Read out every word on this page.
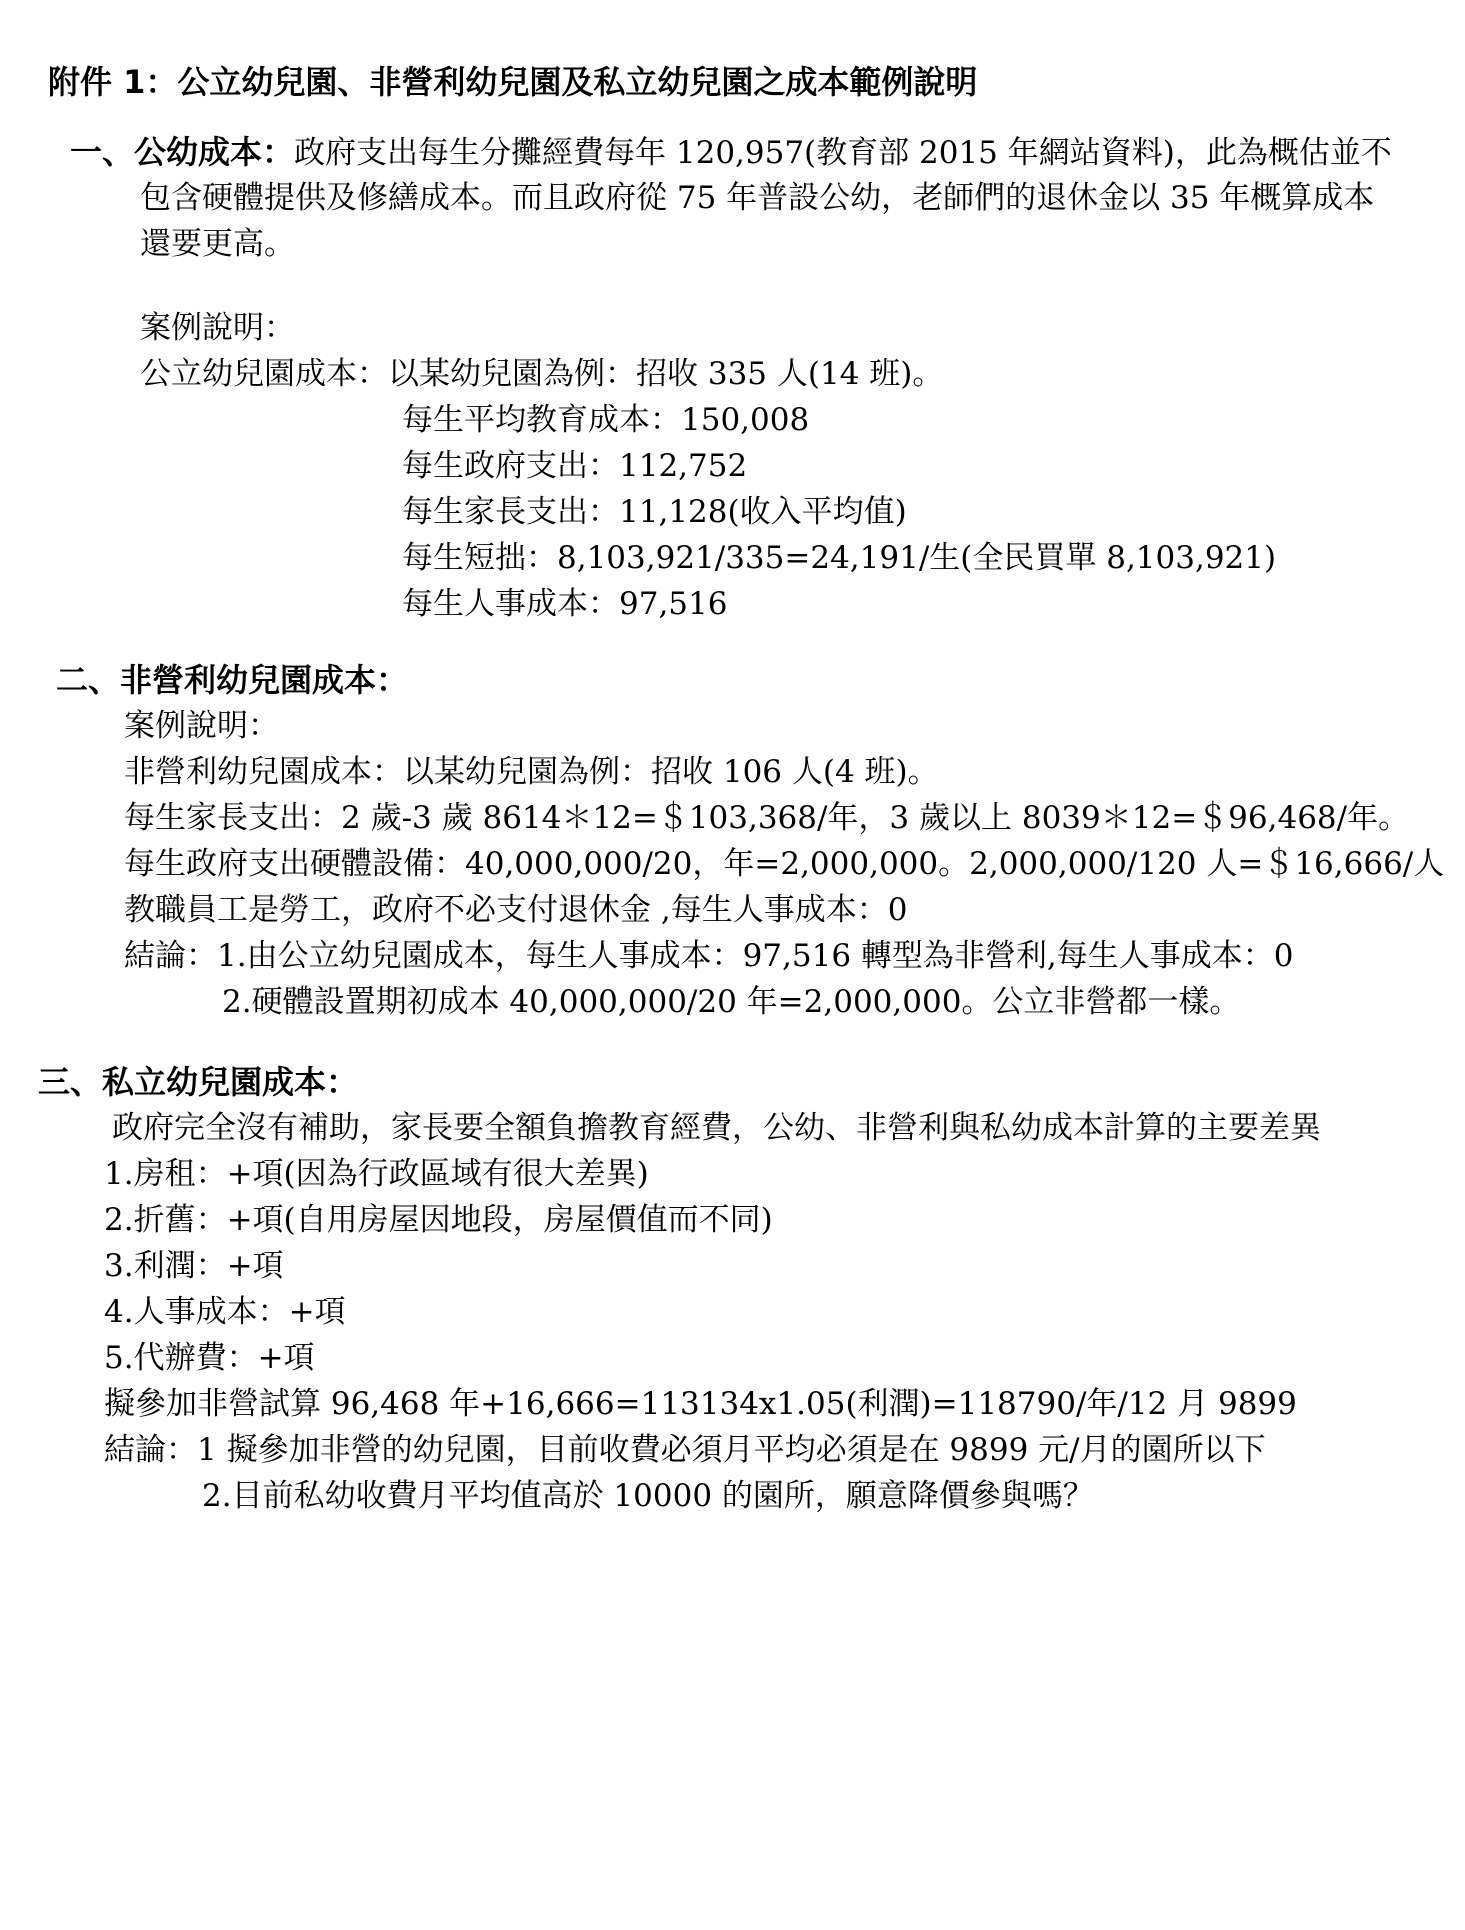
附件 1：公立幼兒園、非營利幼兒園及私立幼兒園之成本範例說明
一、公幼成本：政府支出每生分攤經費每年 120,957(教育部 2015 年網站資料)，此為概估並不
包含硬體提供及修繕成本。而且政府從 75 年普設公幼，老師們的退休金以 35 年概算成本
還要更高。
案例說明：
公立幼兒園成本：以某幼兒園為例：招收 335 人(14 班)。
每生平均教育成本：150,008
每生政府支出：112,752
每生家長支出：11,128(收入平均值)
每生短拙：8,103,921/335=24,191/生(全民買單 8,103,921)
每生人事成本：97,516
二、非營利幼兒園成本：
案例說明：
非營利幼兒園成本：以某幼兒園為例：招收 106 人(4 班)。
每生家長支出：2 歲-3 歲 8614＊12=＄103,368/年，3 歲以上 8039＊12=＄96,468/年。
每生政府支出硬體設備：40,000,000/20，年=2,000,000。2,000,000/120 人=＄16,666/人
教職員工是勞工，政府不必支付退休金 ,每生人事成本：0
結論：1.由公立幼兒園成本，每生人事成本：97,516 轉型為非營利,每生人事成本：0
2.硬體設置期初成本 40,000,000/20 年=2,000,000。公立非營都一樣。
三、私立幼兒園成本：
政府完全沒有補助，家長要全額負擔教育經費，公幼、非營利與私幼成本計算的主要差異
1.房租：+項(因為行政區域有很大差異)
2.折舊：+項(自用房屋因地段，房屋價值而不同)
3.利潤：+項
4.人事成本：+項
5.代辦費：+項
擬參加非營試算 96,468 年+16,666=113134x1.05(利潤)=118790/年/12 月 9899
結論：1 擬參加非營的幼兒園，目前收費必須月平均必須是在 9899 元/月的園所以下
2.目前私幼收費月平均值高於 10000 的園所，願意降價參與嗎？
